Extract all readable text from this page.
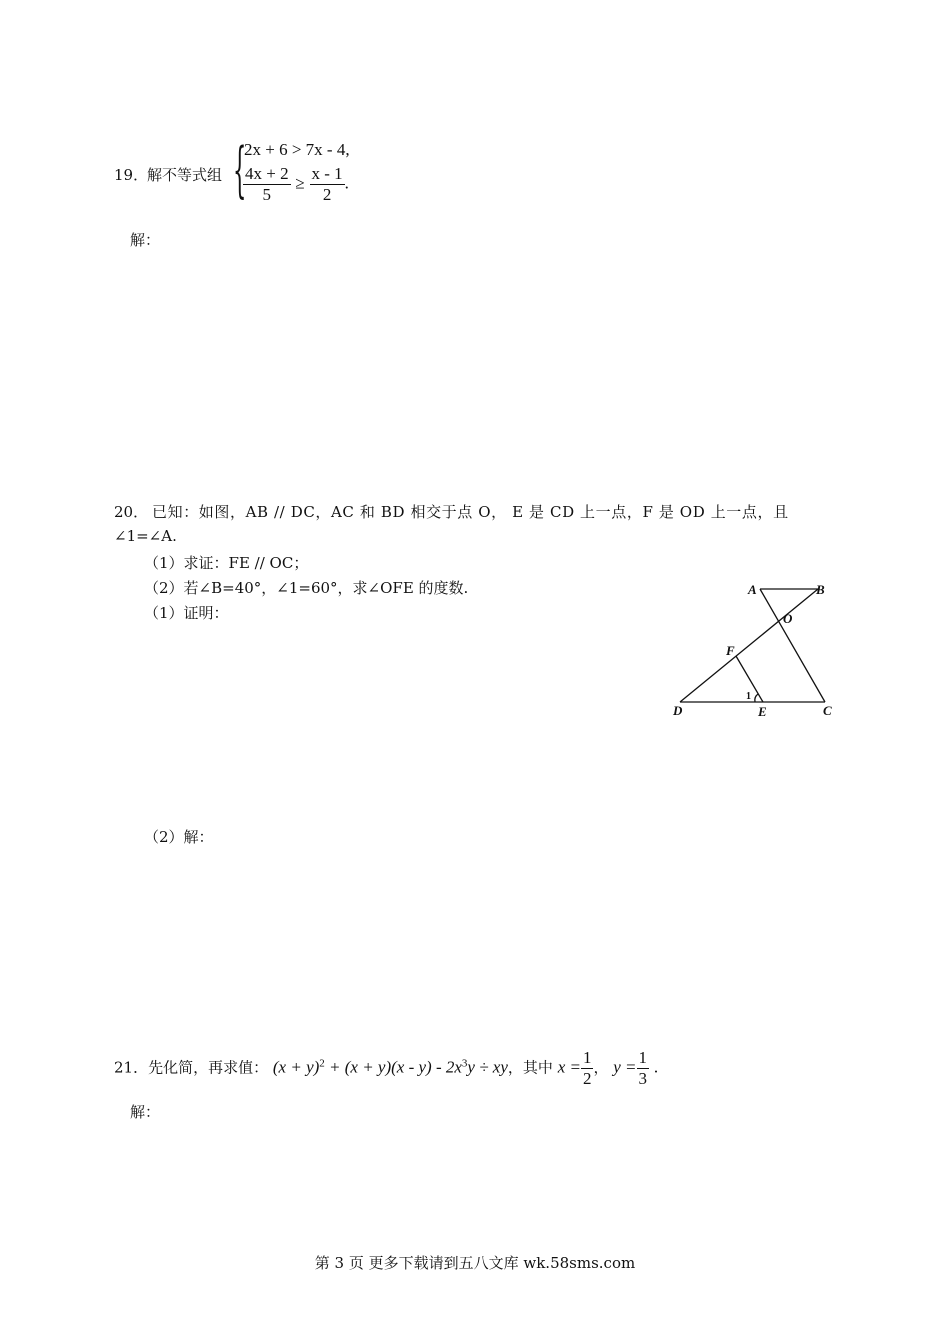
19．
解不等式组 {
2x + 6 > 7x - 4,
$\frac{4x + 2}{5} \ge \frac{x - 1}{2}$ .
解：
20． 已知：如图，AB // DC，AC 和 BD 相交于点 O， E 是 CD 上一点，F 是 OD 上一点，且
∠1=∠A.
（1）求证：FE // OC；
（2）若∠B=40°，∠1=60°，求∠OFE 的度数.
（1）证明：
A	B
O
F
D	E	C
1
（2）解：
21．先化简，再求值： $(x + y)^2 + (x + y)(x - y) - 2x^3y$ ÷ xy，其中 $x = \frac{1}{2}$ ， $y = \frac{1}{3}$ .
解：
第 3 页 更多下载请到五八文库 wk.58sms.com
